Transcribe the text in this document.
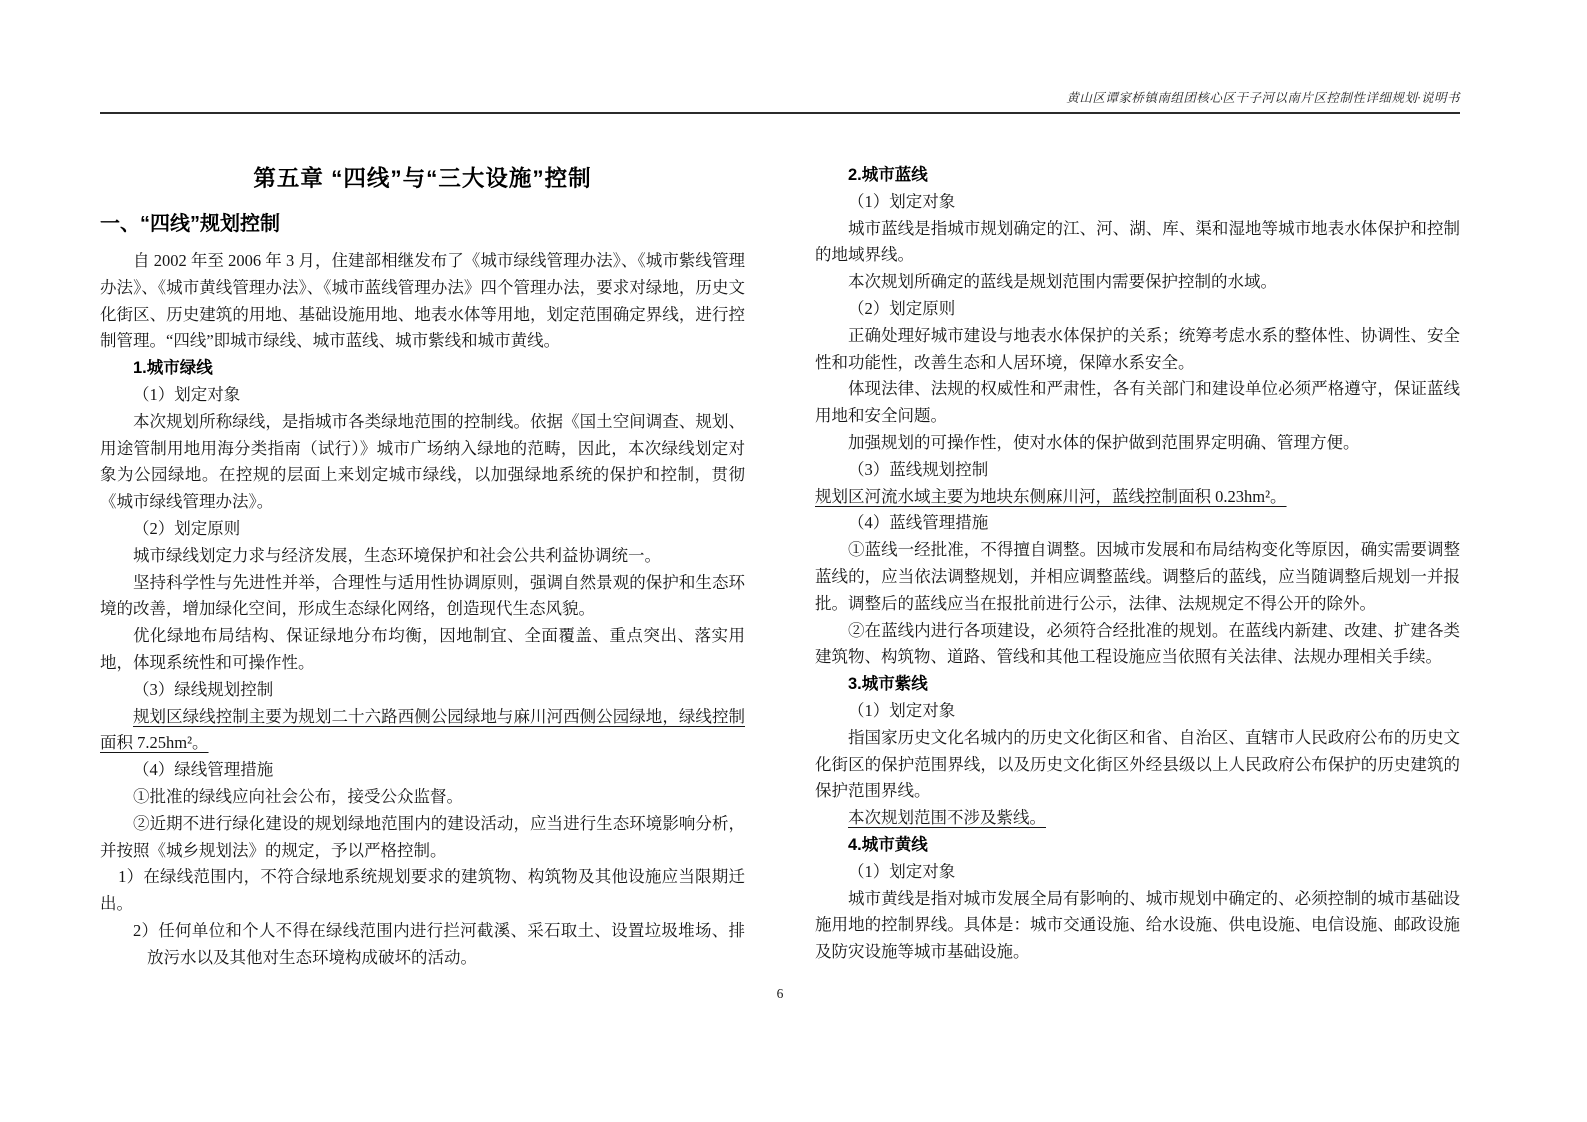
黄山区谭家桥镇南组团核心区干子河以南片区控制性详细规划·说明书
第五章 “四线”与“三大设施”控制
一、“四线”规划控制

自 2002 年至 2006 年 3 月，住建部相继发布了《城市绿线管理办法》、《城市紫线管理办法》、《城市黄线管理办法》、《城市蓝线管理办法》四个管理办法，要求对绿地，历史文化街区、历史建筑的用地、基础设施用地、地表水体等用地，划定范围确定界线，进行控制管理。“四线”即城市绿线、城市蓝线、城市紫线和城市黄线。

1.城市绿线

（1）划定对象

本次规划所称绿线，是指城市各类绿地范围的控制线。依据《国土空间调查、规划、用途管制用地用海分类指南（试行）》城市广场纳入绿地的范畴，因此，本次绿线划定对象为公园绿地。在控规的层面上来划定城市绿线，以加强绿地系统的保护和控制，贯彻《城市绿线管理办法》。

（2）划定原则

城市绿线划定力求与经济发展，生态环境保护和社会公共利益协调统一。

坚持科学性与先进性并举，合理性与适用性协调原则，强调自然景观的保护和生态环境的改善，增加绿化空间，形成生态绿化网络，创造现代生态风貌。

优化绿地布局结构、保证绿地分布均衡，因地制宜、全面覆盖、重点突出、落实用地，体现系统性和可操作性。

（3）绿线规划控制

规划区绿线控制主要为规划二十六路西侧公园绿地与麻川河西侧公园绿地，绿线控制面积 7.25hm²。

（4）绿线管理措施

①批准的绿线应向社会公布，接受公众监督。

②近期不进行绿化建设的规划绿地范围内的建设活动，应当进行生态环境影响分析，并按照《城乡规划法》的规定，予以严格控制。

1）在绿线范围内，不符合绿地系统规划要求的建筑物、构筑物及其他设施应当限期迁出。

2）任何单位和个人不得在绿线范围内进行拦河截溪、采石取土、设置垃圾堆场、排放污水以及其他对生态环境构成破坏的活动。

2.城市蓝线

（1）划定对象

城市蓝线是指城市规划确定的江、河、湖、库、渠和湿地等城市地表水体保护和控制的地域界线。

本次规划所确定的蓝线是规划范围内需要保护控制的水域。

（2）划定原则

正确处理好城市建设与地表水体保护的关系；统筹考虑水系的整体性、协调性、安全性和功能性，改善生态和人居环境，保障水系安全。

体现法律、法规的权威性和严肃性，各有关部门和建设单位必须严格遵守，保证蓝线用地和安全问题。

加强规划的可操作性，使对水体的保护做到范围界定明确、管理方便。

（3）蓝线规划控制

规划区河流水域主要为地块东侧麻川河，蓝线控制面积 0.23hm²。

（4）蓝线管理措施

①蓝线一经批准，不得擅自调整。因城市发展和布局结构变化等原因，确实需要调整蓝线的，应当依法调整规划，并相应调整蓝线。调整后的蓝线，应当随调整后规划一并报批。调整后的蓝线应当在报批前进行公示，法律、法规规定不得公开的除外。

②在蓝线内进行各项建设，必须符合经批准的规划。在蓝线内新建、改建、扩建各类建筑物、构筑物、道路、管线和其他工程设施应当依照有关法律、法规办理相关手续。

3.城市紫线

（1）划定对象

指国家历史文化名城内的历史文化街区和省、自治区、直辖市人民政府公布的历史文化街区的保护范围界线，以及历史文化街区外经县级以上人民政府公布保护的历史建筑的保护范围界线。

本次规划范围不涉及紫线。

4.城市黄线

（1）划定对象

城市黄线是指对城市发展全局有影响的、城市规划中确定的、必须控制的城市基础设施用地的控制界线。具体是：城市交通设施、给水设施、供电设施、电信设施、邮政设施及防灾设施等城市基础设施。

6
